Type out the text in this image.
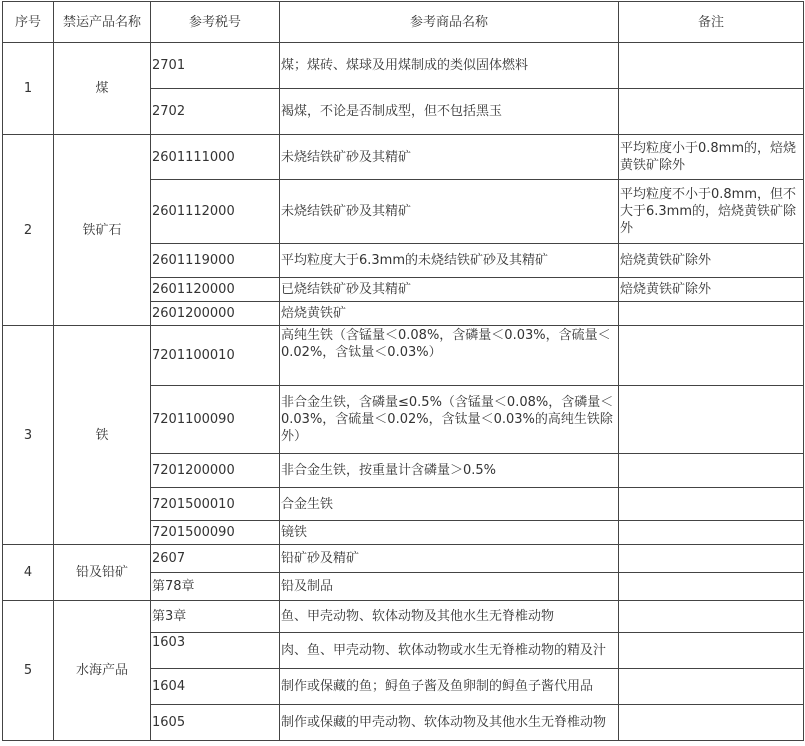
序号	禁运产品名称	参考税号	参考商品名称	备注
1	煤	2701	煤；煤砖、煤球及用煤制成的类似固体燃料	
		2702	褐煤，不论是否制成型，但不包括黑玉	
2	铁矿石	2601111000	未烧结铁矿砂及其精矿	平均粒度小于0.8mm的，焙烧黄铁矿除外
		2601112000	未烧结铁矿砂及其精矿	平均粒度不小于0.8mm，但不大于6.3mm的，焙烧黄铁矿除外
		2601119000	平均粒度大于6.3mm的未烧结铁矿砂及其精矿	焙烧黄铁矿除外
		2601120000	已烧结铁矿砂及其精矿	焙烧黄铁矿除外
		2601200000	焙烧黄铁矿	
3	铁	7201100010	高纯生铁（含锰量＜0.08%，含磷量＜0.03%，含硫量＜0.02%，含钛量＜0.03%）	
		7201100090	非合金生铁，含磷量≤0.5%（含锰量＜0.08%，含磷量＜0.03%，含硫量＜0.02%，含钛量＜0.03%的高纯生铁除外）	
		7201200000	非合金生铁，按重量计含磷量＞0.5%	
		7201500010	合金生铁	
		7201500090	镜铁	
4	铅及铅矿	2607	铅矿砂及精矿	
		第78章	铅及制品	
5	水海产品	第3章	鱼、甲壳动物、软体动物及其他水生无脊椎动物	
		1603	肉、鱼、甲壳动物、软体动物或水生无脊椎动物的精及汁	
		1604	制作或保藏的鱼；鲟鱼子酱及鱼卵制的鲟鱼子酱代用品	
		1605	制作或保藏的甲壳动物、软体动物及其他水生无脊椎动物	
